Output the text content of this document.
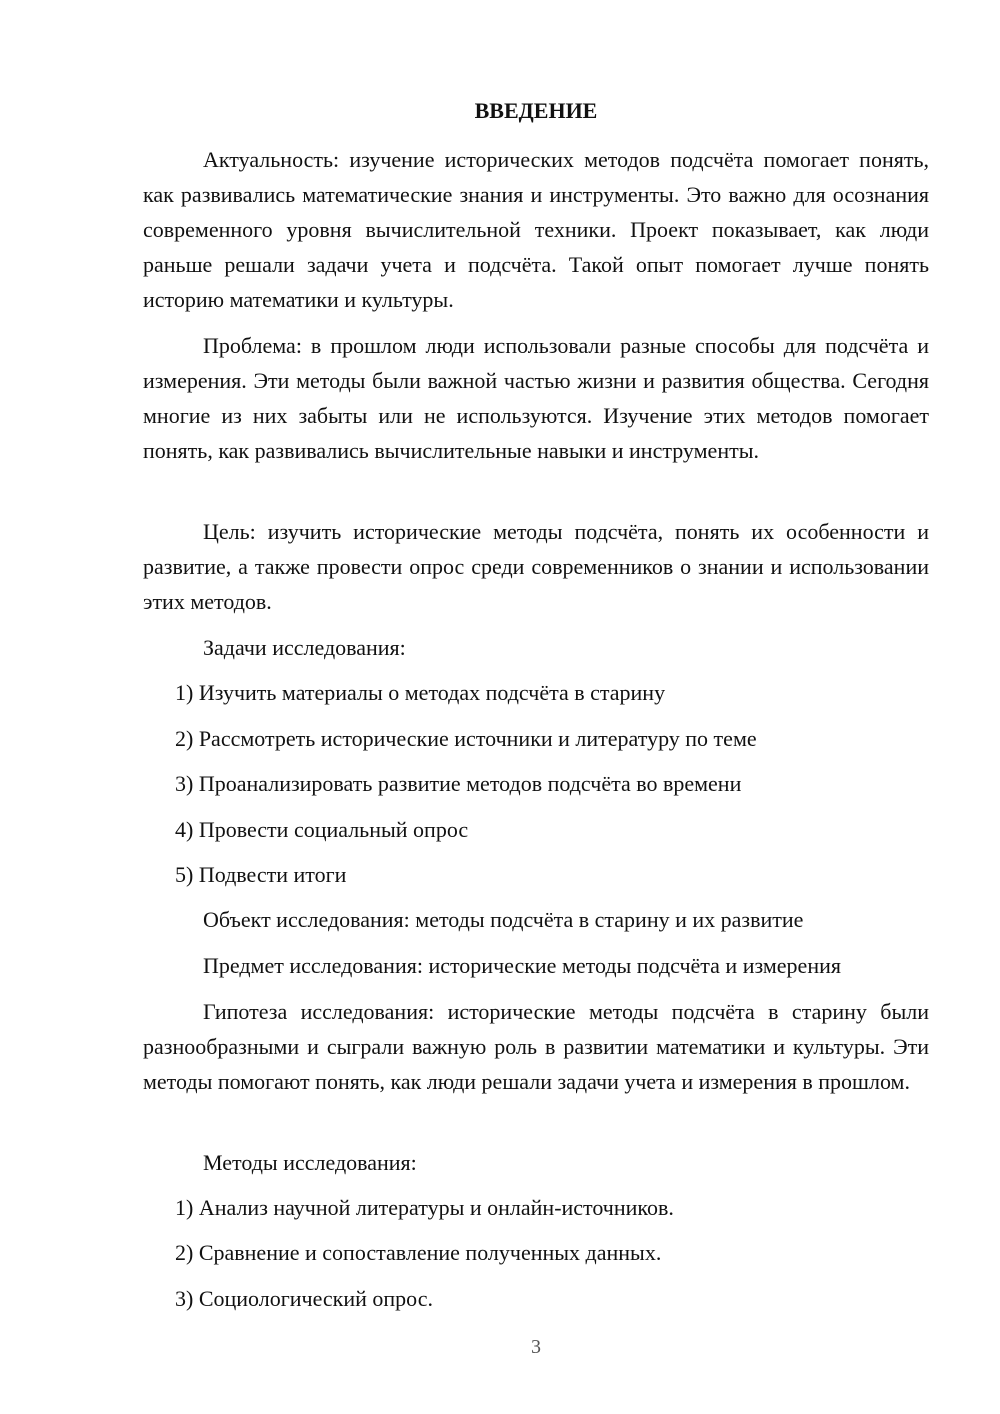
ВВЕДЕНИЕ

Актуальность: изучение исторических методов подсчёта помогает понять, как развивались математические знания и инструменты. Это важно для осознания современного уровня вычислительной техники. Проект показывает, как люди раньше решали задачи учета и подсчёта. Такой опыт помогает лучше понять историю математики и культуры.

Проблема: в прошлом люди использовали разные способы для подсчёта и измерения. Эти методы были важной частью жизни и развития общества. Сегодня многие из них забыты или не используются. Изучение этих методов помогает понять, как развивались вычислительные навыки и инструменты.

Цель: изучить исторические методы подсчёта, понять их особенности и развитие, а также провести опрос среди современников о знании и использовании этих методов.

Задачи исследования:

1) Изучить материалы о методах подсчёта в старину

2) Рассмотреть исторические источники и литературу по теме

3) Проанализировать развитие методов подсчёта во времени

4) Провести социальный опрос

5) Подвести итоги

Объект исследования: методы подсчёта в старину и их развитие

Предмет исследования: исторические методы подсчёта и измерения

Гипотеза исследования: исторические методы подсчёта в старину были разнообразными и сыграли важную роль в развитии математики и культуры. Эти методы помогают понять, как люди решали задачи учета и измерения в прошлом.

Методы исследования:

1) Анализ научной литературы и онлайн-источников.

2) Сравнение и сопоставление полученных данных.

3) Социологический опрос.

3
